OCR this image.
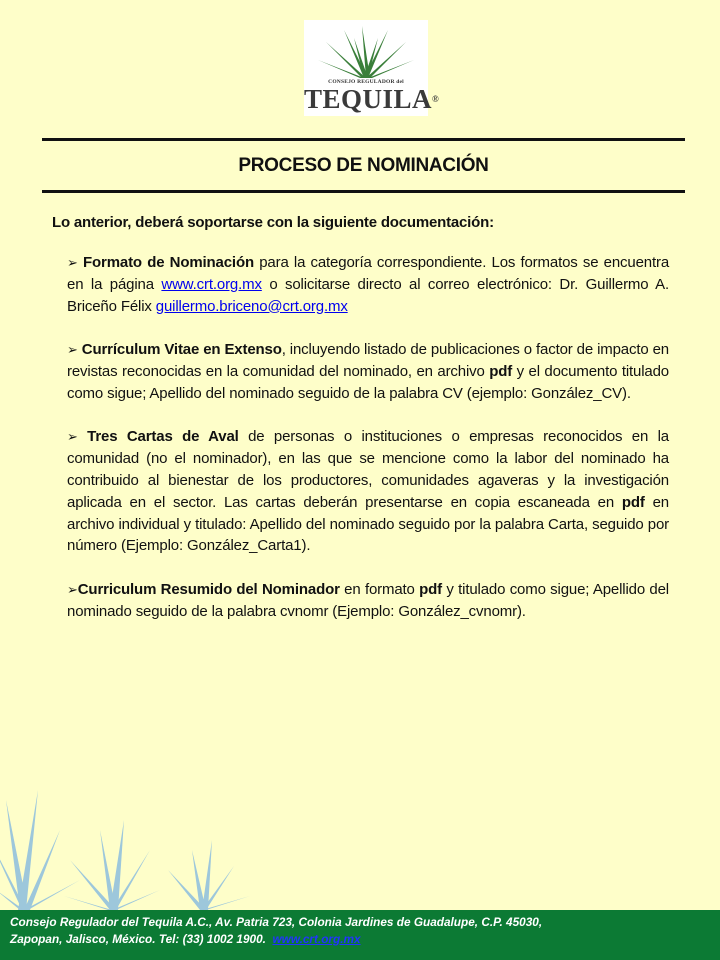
CONSEJO REGULADOR del
TEQUILA®
PROCESO DE NOMINACIÓN
Lo anterior, deberá soportarse con la siguiente documentación:

➢ Formato de Nominación para la categoría correspondiente. Los formatos se encuentra en la página www.crt.org.mx o solicitarse directo al correo electrónico: Dr. Guillermo A. Briceño Félix guillermo.briceno@crt.org.mx

➢ Currículum Vitae en Extenso, incluyendo listado de publicaciones o factor de impacto en revistas reconocidas en la comunidad del nominado, en archivo pdf y el documento titulado como sigue; Apellido del nominado seguido de la palabra CV (ejemplo: González_CV).

➢ Tres Cartas de Aval de personas o instituciones o empresas reconocidos en la comunidad (no el nominador), en las que se mencione como la labor del nominado ha contribuido al bienestar de los productores, comunidades agaveras y la investigación aplicada en el sector. Las cartas deberán presentarse en copia escaneada en pdf en archivo individual y titulado: Apellido del nominado seguido por la palabra Carta, seguido por número (Ejemplo: González_Carta1).

➢Curriculum Resumido del Nominador en formato pdf y titulado como sigue; Apellido del nominado seguido de la palabra cvnomr (Ejemplo: González_cvnomr).

Consejo Regulador del Tequila A.C., Av. Patria 723, Colonia Jardines de Guadalupe, C.P. 45030,
Zapopan, Jalisco, México. Tel: (33) 1002 1900. www.crt.org.mx
